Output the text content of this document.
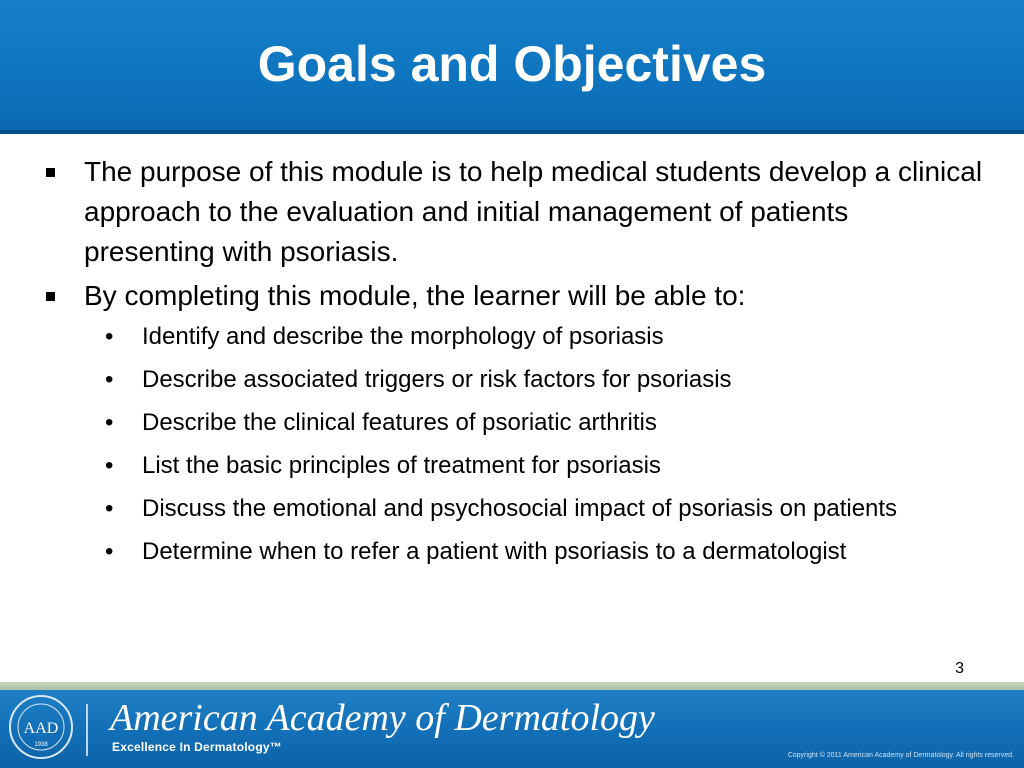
Goals and Objectives
The purpose of this module is to help medical students develop a clinical approach to the evaluation and initial management of patients presenting with psoriasis.
By completing this module, the learner will be able to:
• Identify and describe the morphology of psoriasis
• Describe associated triggers or risk factors for psoriasis
• Describe the clinical features of psoriatic arthritis
• List the basic principles of treatment for psoriasis
• Discuss the emotional and psychosocial impact of psoriasis on patients
• Determine when to refer a patient with psoriasis to a dermatologist
3
AAD
1938
American Academy of Dermatology
Excellence In Dermatology™
Copyright © 2011 American Academy of Dermatology. All rights reserved.
